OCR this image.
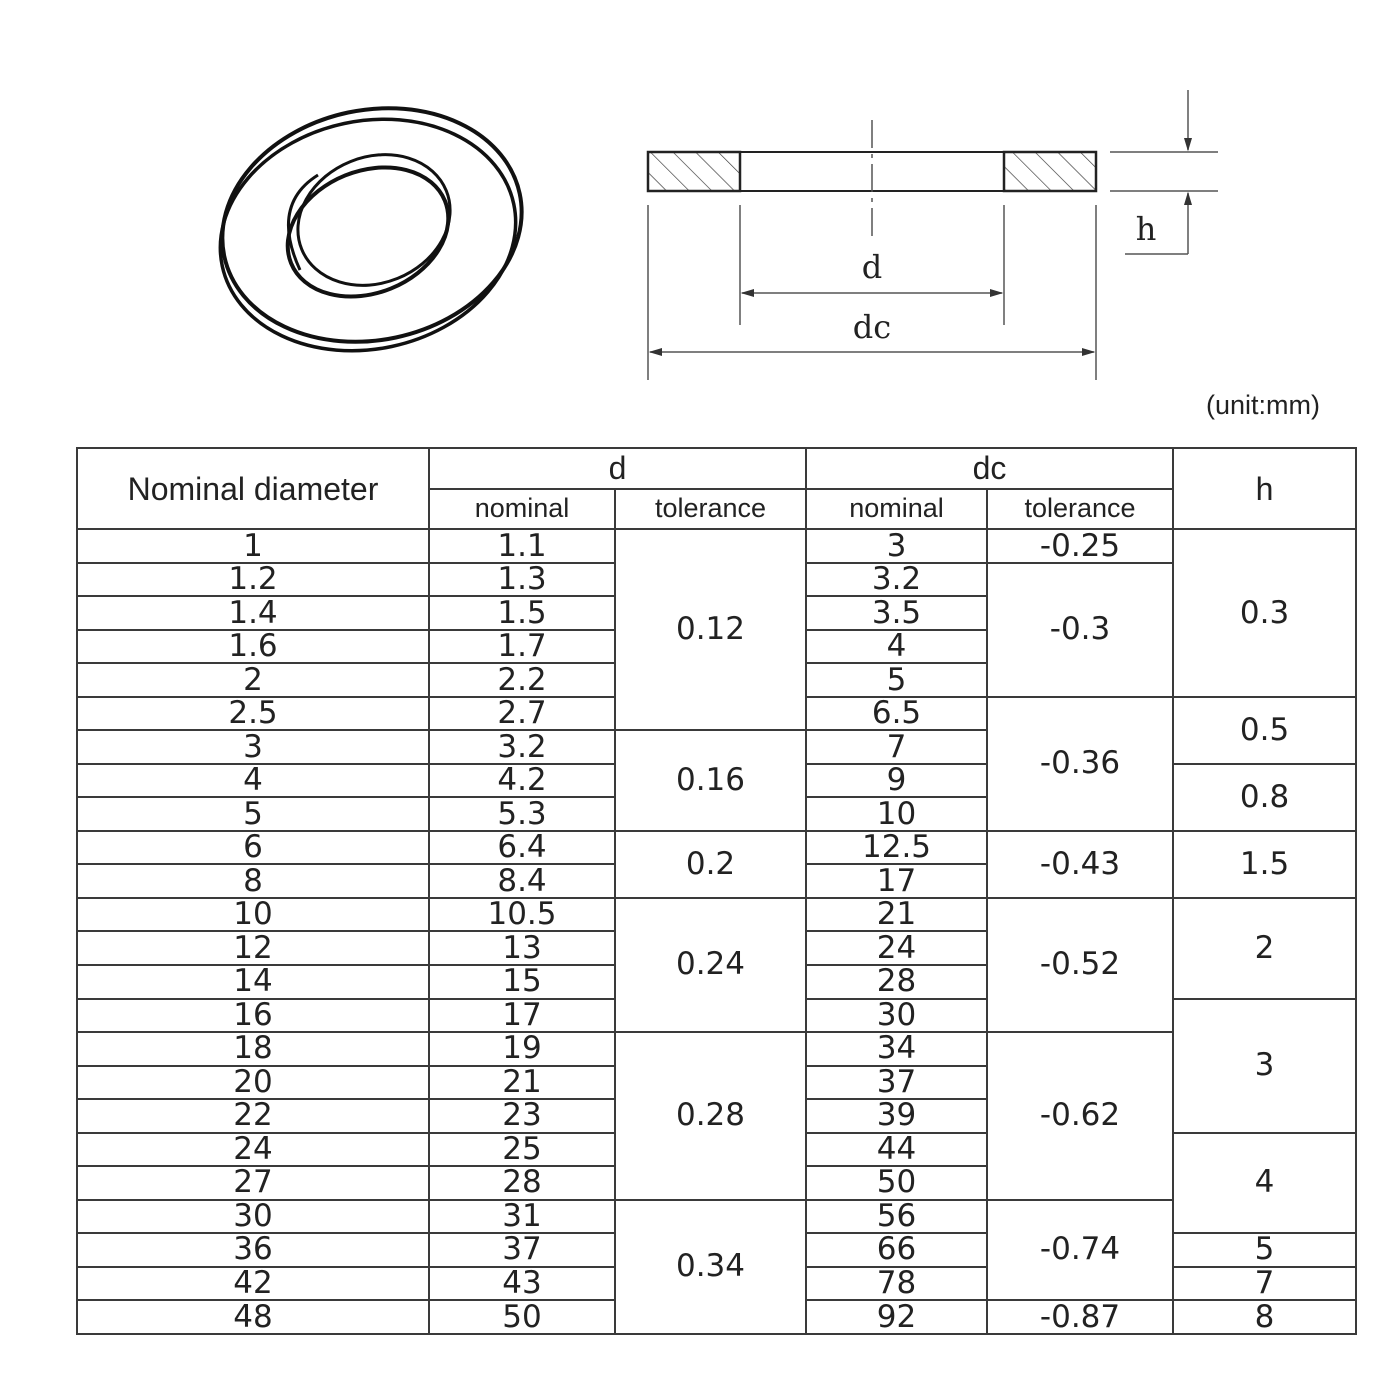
d
dc
h
(unit:mm)
Nominal diameter	d		dc		h
	nominal	tolerance	nominal	tolerance	
1	1.1	0.12	3	-0.25	0.3
1.2	1.3		3.2	-0.3	
1.4	1.5		3.5		
1.6	1.7		4		
2	2.2		5		
2.5	2.7		6.5	-0.36	0.5
3	3.2	0.16	7		
4	4.2		9		0.8
5	5.3		10		
6	6.4	0.2	12.5	-0.43	1.5
8	8.4		17		
10	10.5	0.24	21	-0.52	2
12	13		24		
14	15		28		
16	17		30		3
18	19	0.28	34	-0.62	
20	21		37		
22	23		39		
24	25		44		4
27	28		50		
30	31	0.34	56	-0.74	
36	37		66		5
42	43		78		7
48	50		92	-0.87	8
